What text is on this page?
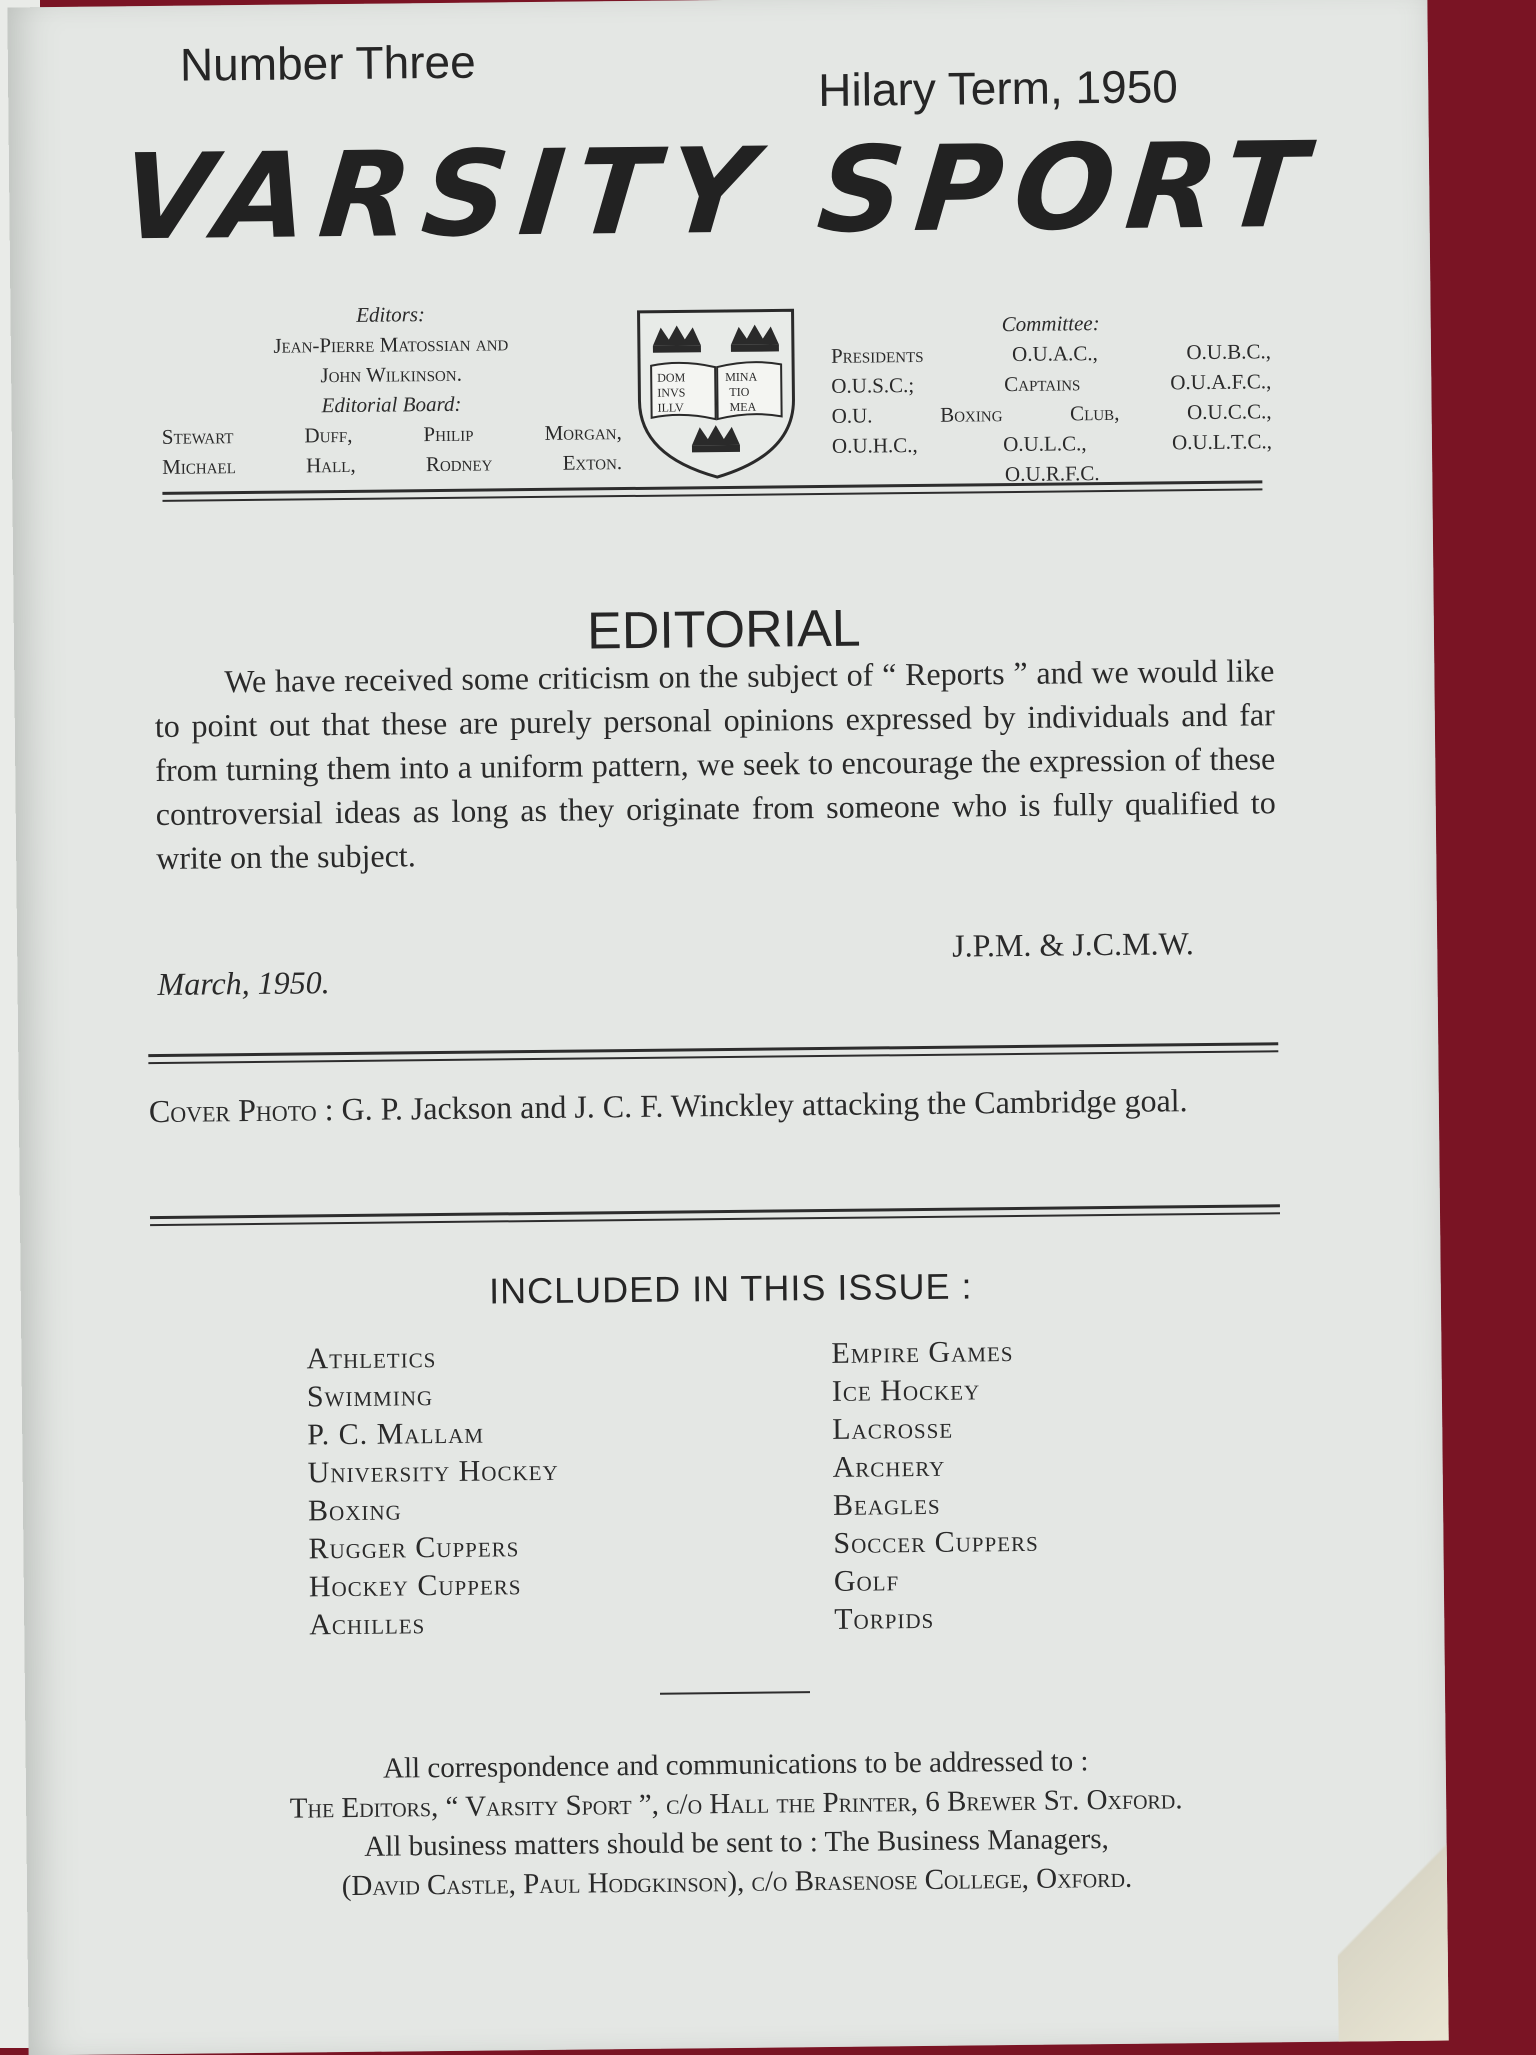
Number Three	Hilary Term, 1950
VARSITY SPORT
Editors:
Jean-Pierre Matossian and
John Wilkinson.
Editorial Board:
Stewart Duff, Philip Morgan,
Michael Hall, Rodney Exton.
DOM
INVS
ILLV
MINA
TIO
MEA
Committee:
Presidents O.U.A.C., O.U.B.C.,
O.U.S.C.; Captains O.U.A.F.C.,
O.U. Boxing Club, O.U.C.C.,
O.U.H.C., O.U.L.C., O.U.L.T.C.,
O.U.R.F.C.
EDITORIAL
We have received some criticism on the subject of “ Reports ” and we would like to point out that these are purely personal opinions expressed by individuals and far from turning them into a uniform pattern, we seek to encourage the expression of these controversial ideas as long as they originate from someone who is fully qualified to write on the subject.
J.P.M. & J.C.M.W.
March, 1950.
Cover Photo : G. P. Jackson and J. C. F. Winckley attacking the Cambridge goal.
INCLUDED IN THIS ISSUE :
Athletics
Swimming
P. C. Mallam
University Hockey
Boxing
Rugger Cuppers
Hockey Cuppers
Achilles
Empire Games
Ice Hockey
Lacrosse
Archery
Beagles
Soccer Cuppers
Golf
Torpids
All correspondence and communications to be addressed to :
The Editors, “ Varsity Sport ”, c/o Hall the Printer, 6 Brewer St. Oxford.
All business matters should be sent to : The Business Managers,
(David Castle, Paul Hodgkinson), c/o Brasenose College, Oxford.
